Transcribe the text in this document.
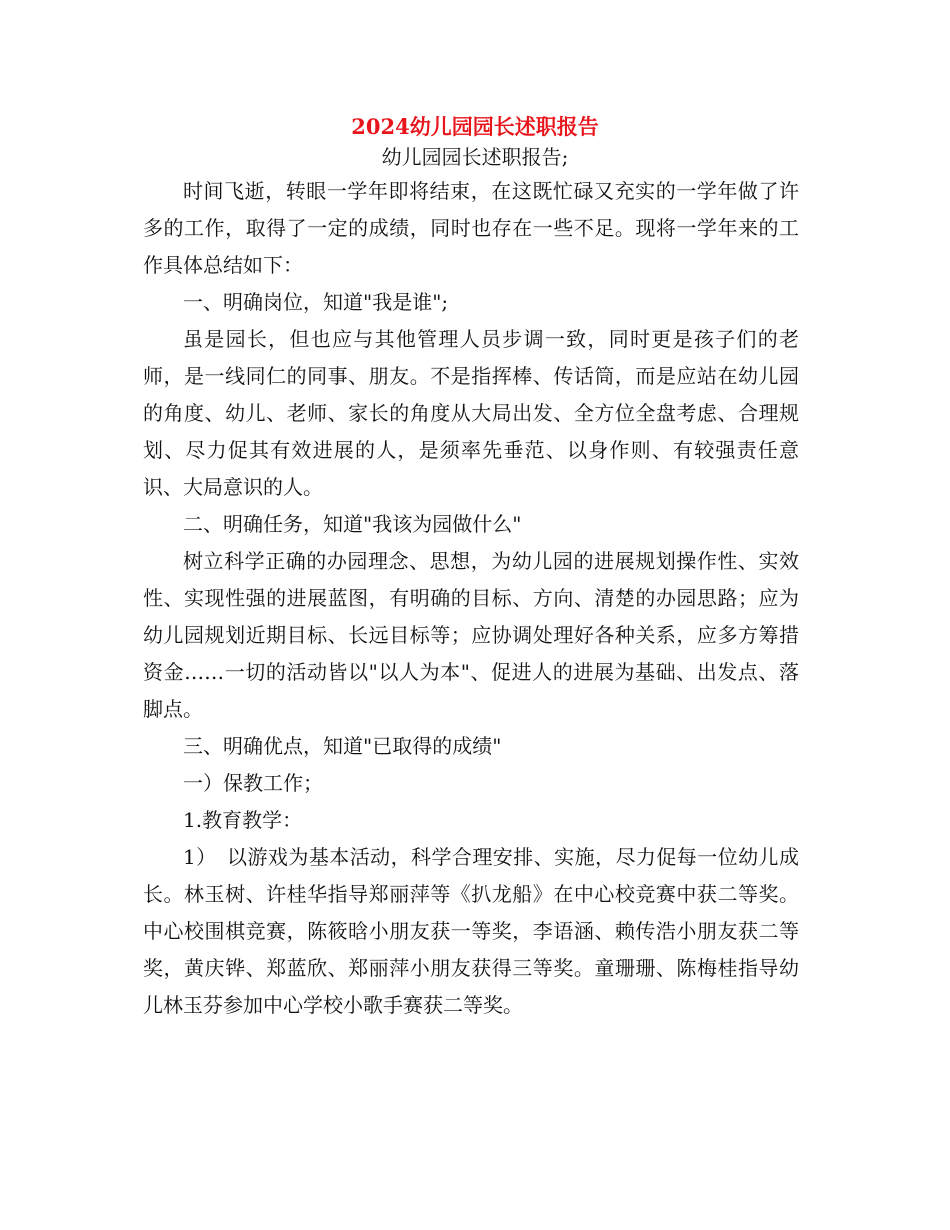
2024幼儿园园长述职报告
幼儿园园长述职报告;

时间飞逝，转眼一学年即将结束，在这既忙碌又充实的一学年做了许多的工作，取得了一定的成绩，同时也存在一些不足。现将一学年来的工作具体总结如下：

一、明确岗位，知道"我是谁";

虽是园长，但也应与其他管理人员步调一致，同时更是孩子们的老师，是一线同仁的同事、朋友。不是指挥棒、传话筒，而是应站在幼儿园的角度、幼儿、老师、家长的角度从大局出发、全方位全盘考虑、合理规划、尽力促其有效进展的人，是须率先垂范、以身作则、有较强责任意识、大局意识的人。

二、明确任务，知道"我该为园做什么"

树立科学正确的办园理念、思想，为幼儿园的进展规划操作性、实效性、实现性强的进展蓝图，有明确的目标、方向、清楚的办园思路；应为幼儿园规划近期目标、长远目标等；应协调处理好各种关系，应多方筹措资金……一切的活动皆以"以人为本"、促进人的进展为基础、出发点、落脚点。

三、明确优点，知道"已取得的成绩"

一）保教工作；

1.教育教学：

1）　以游戏为基本活动，科学合理安排、实施，尽力促每一位幼儿成长。林玉树、许桂华指导郑丽萍等《扒龙船》在中心校竞赛中获二等奖。中心校围棋竞赛，陈筱晗小朋友获一等奖，李语涵、赖传浩小朋友获二等奖，黄庆铧、郑蓝欣、郑丽萍小朋友获得三等奖。童珊珊、陈梅桂指导幼儿林玉芬参加中心学校小歌手赛获二等奖。
